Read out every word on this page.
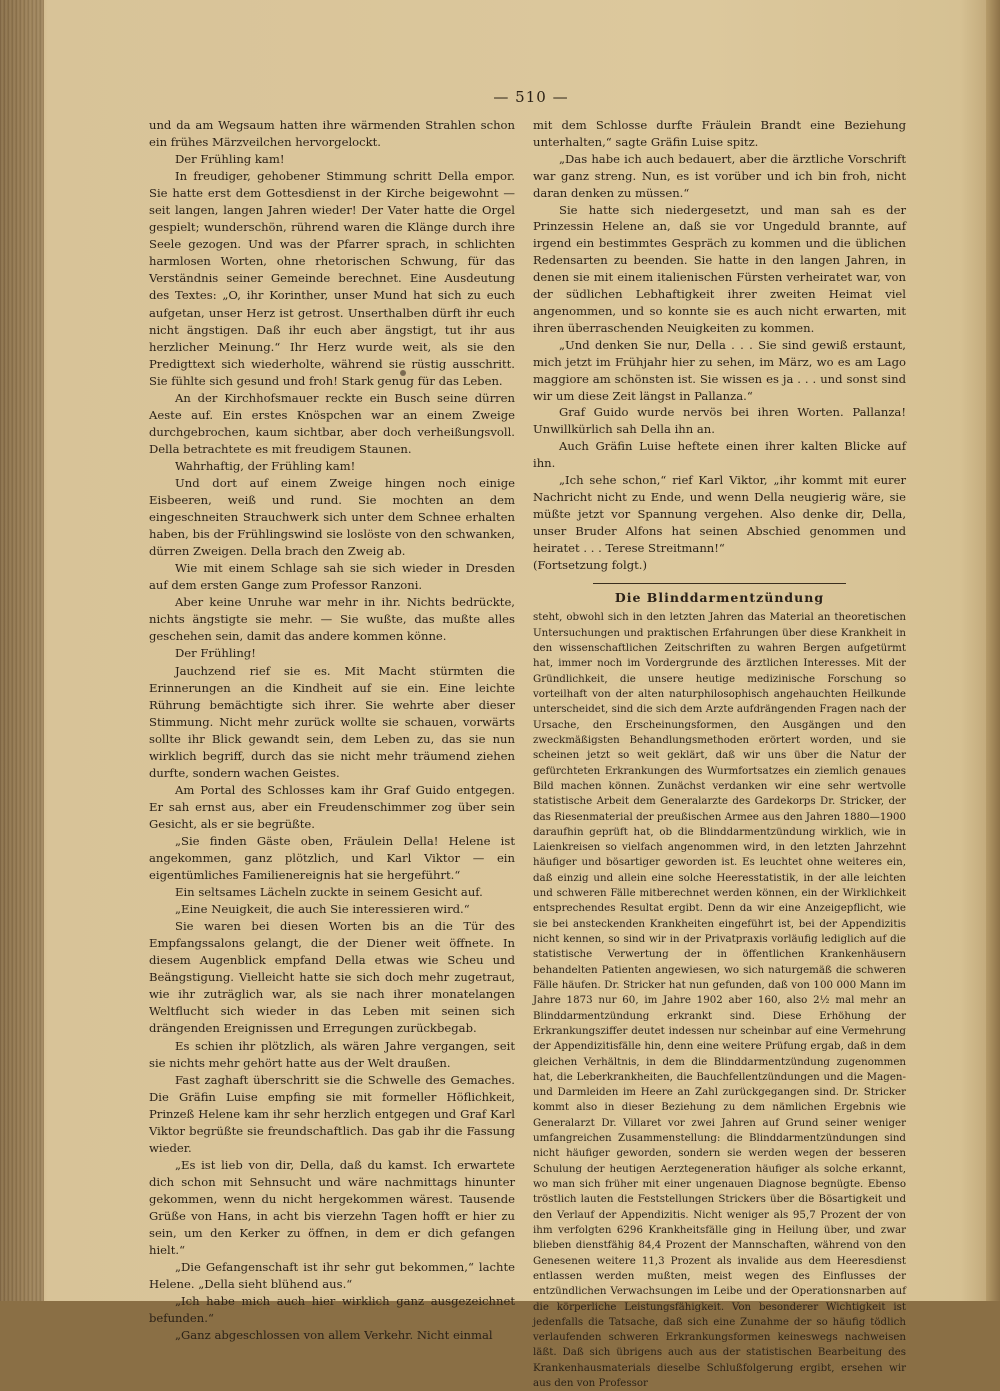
— 510 —

und da am Wegsaum hatten ihre wärmenden Strahlen schon ein frühes Märzveilchen hervorgelockt.

Der Frühling kam!

In freudiger, gehobener Stimmung schritt Della empor. Sie hatte erst dem Gottesdienst in der Kirche beigewohnt — seit langen, langen Jahren wieder! Der Vater hatte die Orgel gespielt; wunderschön, rührend waren die Klänge durch ihre Seele gezogen. Und was der Pfarrer sprach, in schlichten harmlosen Worten, ohne rhetorischen Schwung, für das Verständnis seiner Gemeinde berechnet. Eine Ausdeutung des Textes: „O, ihr Korinther, unser Mund hat sich zu euch aufgetan, unser Herz ist getrost. Unserthalben dürft ihr euch nicht ängstigen. Daß ihr euch aber ängstigt, tut ihr aus herzlicher Meinung.“ Ihr Herz wurde weit, als sie den Predigttext sich wiederholte, während sie rüstig ausschritt. Sie fühlte sich gesund und froh! Stark genug für das Leben.

An der Kirchhofsmauer reckte ein Busch seine dürren Aeste auf. Ein erstes Knöspchen war an einem Zweige durchgebrochen, kaum sichtbar, aber doch verheißungsvoll. Della betrachtete es mit freudigem Staunen.

Wahrhaftig, der Frühling kam!

Und dort auf einem Zweige hingen noch einige Eisbeeren, weiß und rund. Sie mochten an dem eingeschneiten Strauchwerk sich unter dem Schnee erhalten haben, bis der Frühlingswind sie loslöste von den schwanken, dürren Zweigen. Della brach den Zweig ab.

Wie mit einem Schlage sah sie sich wieder in Dresden auf dem ersten Gange zum Professor Ranzoni.

Aber keine Unruhe war mehr in ihr. Nichts bedrückte, nichts ängstigte sie mehr. — Sie wußte, das mußte alles geschehen sein, damit das andere kommen könne.

Der Frühling!

Jauchzend rief sie es. Mit Macht stürmten die Erinnerungen an die Kindheit auf sie ein. Eine leichte Rührung bemächtigte sich ihrer. Sie wehrte aber dieser Stimmung. Nicht mehr zurück wollte sie schauen, vorwärts sollte ihr Blick gewandt sein, dem Leben zu, das sie nun wirklich begriff, durch das sie nicht mehr träumend ziehen durfte, sondern wachen Geistes.

Am Portal des Schlosses kam ihr Graf Guido entgegen. Er sah ernst aus, aber ein Freudenschimmer zog über sein Gesicht, als er sie begrüßte.

„Sie finden Gäste oben, Fräulein Della! Helene ist angekommen, ganz plötzlich, und Karl Viktor — ein eigentümliches Familienereignis hat sie hergeführt.“

Ein seltsames Lächeln zuckte in seinem Gesicht auf.

„Eine Neuigkeit, die auch Sie interessieren wird.“

Sie waren bei diesen Worten bis an die Tür des Empfangssalons gelangt, die der Diener weit öffnete. In diesem Augenblick empfand Della etwas wie Scheu und Beängstigung. Vielleicht hatte sie sich doch mehr zugetraut, wie ihr zuträglich war, als sie nach ihrer monatelangen Weltflucht sich wieder in das Leben mit seinen sich drängenden Ereignissen und Erregungen zurückbegab.

Es schien ihr plötzlich, als wären Jahre vergangen, seit sie nichts mehr gehört hatte aus der Welt draußen.

Fast zaghaft überschritt sie die Schwelle des Gemaches. Die Gräfin Luise empfing sie mit formeller Höflichkeit, Prinzeß Helene kam ihr sehr herzlich entgegen und Graf Karl Viktor begrüßte sie freundschaftlich. Das gab ihr die Fassung wieder.

„Es ist lieb von dir, Della, daß du kamst. Ich erwartete dich schon mit Sehnsucht und wäre nachmittags hinunter gekommen, wenn du nicht hergekommen wärest. Tausende Grüße von Hans, in acht bis vierzehn Tagen hofft er hier zu sein, um den Kerker zu öffnen, in dem er dich gefangen hielt.“

„Die Gefangenschaft ist ihr sehr gut bekommen,“ lachte Helene. „Della sieht blühend aus.“

„Ich habe mich auch hier wirklich ganz ausgezeichnet befunden.“

„Ganz abgeschlossen von allem Verkehr. Nicht einmal

mit dem Schlosse durfte Fräulein Brandt eine Beziehung unterhalten,“ sagte Gräfin Luise spitz.

„Das habe ich auch bedauert, aber die ärztliche Vorschrift war ganz streng. Nun, es ist vorüber und ich bin froh, nicht daran denken zu müssen.“

Sie hatte sich niedergesetzt, und man sah es der Prinzessin Helene an, daß sie vor Ungeduld brannte, auf irgend ein bestimmtes Gespräch zu kommen und die üblichen Redensarten zu beenden. Sie hatte in den langen Jahren, in denen sie mit einem italienischen Fürsten verheiratet war, von der südlichen Lebhaftigkeit ihrer zweiten Heimat viel angenommen, und so konnte sie es auch nicht erwarten, mit ihren überraschenden Neuigkeiten zu kommen.

„Und denken Sie nur, Della . . . Sie sind gewiß erstaunt, mich jetzt im Frühjahr hier zu sehen, im März, wo es am Lago maggiore am schönsten ist. Sie wissen es ja . . . und sonst sind wir um diese Zeit längst in Pallanza.“

Graf Guido wurde nervös bei ihren Worten. Pallanza! Unwillkürlich sah Della ihn an.

Auch Gräfin Luise heftete einen ihrer kalten Blicke auf ihn.

„Ich sehe schon,“ rief Karl Viktor, „ihr kommt mit eurer Nachricht nicht zu Ende, und wenn Della neugierig wäre, sie müßte jetzt vor Spannung vergehen. Also denke dir, Della, unser Bruder Alfons hat seinen Abschied genommen und heiratet . . . Terese Streitmann!“

(Fortsetzung folgt.)

Die Blinddarmentzündung

steht, obwohl sich in den letzten Jahren das Material an theoretischen Untersuchungen und praktischen Erfahrungen über diese Krankheit in den wissenschaftlichen Zeitschriften zu wahren Bergen aufgetürmt hat, immer noch im Vordergrunde des ärztlichen Interesses. Mit der Gründlichkeit, die unsere heutige medizinische Forschung so vorteilhaft von der alten naturphilosophisch angehauchten Heilkunde unterscheidet, sind die sich dem Arzte aufdrängenden Fragen nach der Ursache, den Erscheinungsformen, den Ausgängen und den zweckmäßigsten Behandlungsmethoden erörtert worden, und sie scheinen jetzt so weit geklärt, daß wir uns über die Natur der gefürchteten Erkrankungen des Wurmfortsatzes ein ziemlich genaues Bild machen können. Zunächst verdanken wir eine sehr wertvolle statistische Arbeit dem Generalarzte des Gardekorps Dr. Stricker, der das Riesenmaterial der preußischen Armee aus den Jahren 1880—1900 daraufhin geprüft hat, ob die Blinddarmentzündung wirklich, wie in Laienkreisen so vielfach angenommen wird, in den letzten Jahrzehnt häufiger und bösartiger geworden ist. Es leuchtet ohne weiteres ein, daß einzig und allein eine solche Heeresstatistik, in der alle leichten und schweren Fälle mitberechnet werden können, ein der Wirklichkeit entsprechendes Resultat ergibt. Denn da wir eine Anzeigepflicht, wie sie bei ansteckenden Krankheiten eingeführt ist, bei der Appendizitis nicht kennen, so sind wir in der Privatpraxis vorläufig lediglich auf die statistische Verwertung der in öffentlichen Krankenhäusern behandelten Patienten angewiesen, wo sich naturgemäß die schweren Fälle häufen. Dr. Stricker hat nun gefunden, daß von 100 000 Mann im Jahre 1873 nur 60, im Jahre 1902 aber 160, also 2½ mal mehr an Blinddarmentzündung erkrankt sind. Diese Erhöhung der Erkrankungsziffer deutet indessen nur scheinbar auf eine Vermehrung der Appendizitisfälle hin, denn eine weitere Prüfung ergab, daß in dem gleichen Verhältnis, in dem die Blinddarmentzündung zugenommen hat, die Leberkrankheiten, die Bauchfellentzündungen und die Magen- und Darmleiden im Heere an Zahl zurückgegangen sind. Dr. Stricker kommt also in dieser Beziehung zu dem nämlichen Ergebnis wie Generalarzt Dr. Villaret vor zwei Jahren auf Grund seiner weniger umfangreichen Zusammenstellung: die Blinddarmentzündungen sind nicht häufiger geworden, sondern sie werden wegen der besseren Schulung der heutigen Aerztegeneration häufiger als solche erkannt, wo man sich früher mit einer ungenauen Diagnose begnügte. Ebenso tröstlich lauten die Feststellungen Strickers über die Bösartigkeit und den Verlauf der Appendizitis. Nicht weniger als 95,7 Prozent der von ihm verfolgten 6296 Krankheitsfälle ging in Heilung über, und zwar blieben dienstfähig 84,4 Prozent der Mannschaften, während von den Genesenen weitere 11,3 Prozent als invalide aus dem Heeresdienst entlassen werden mußten, meist wegen des Einflusses der entzündlichen Verwachsungen im Leibe und der Operationsnarben auf die körperliche Leistungsfähigkeit. Von besonderer Wichtigkeit ist jedenfalls die Tatsache, daß sich eine Zunahme der so häufig tödlich verlaufenden schweren Erkrankungsformen keineswegs nachweisen läßt. Daß sich übrigens auch aus der statistischen Bearbeitung des Krankenhausmaterials dieselbe Schlußfolgerung ergibt, ersehen wir aus den von Professor
